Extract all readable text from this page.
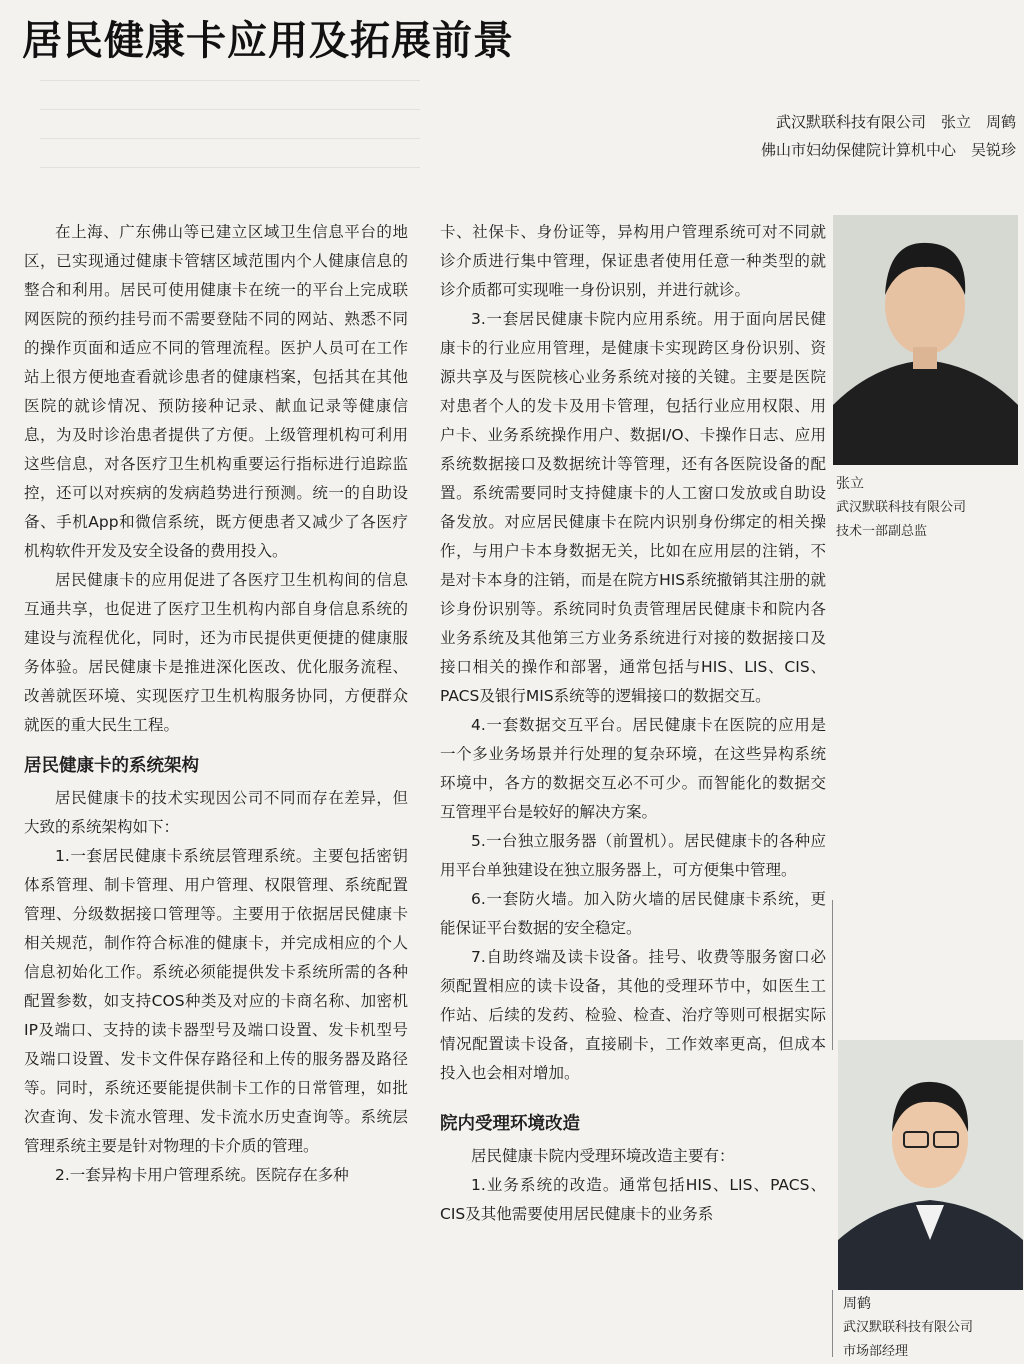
居民健康卡应用及拓展前景
武汉默联科技有限公司　张立　周鹤
佛山市妇幼保健院计算机中心　吴锐珍

在上海、广东佛山等已建立区域卫生信息平台的地区，已实现通过健康卡管辖区域范围内个人健康信息的整合和利用。居民可使用健康卡在统一的平台上完成联网医院的预约挂号而不需要登陆不同的网站、熟悉不同的操作页面和适应不同的管理流程。医护人员可在工作站上很方便地查看就诊患者的健康档案，包括其在其他医院的就诊情况、预防接种记录、献血记录等健康信息，为及时诊治患者提供了方便。上级管理机构可利用这些信息，对各医疗卫生机构重要运行指标进行追踪监控，还可以对疾病的发病趋势进行预测。统一的自助设备、手机App和微信系统，既方便患者又减少了各医疗机构软件开发及安全设备的费用投入。

居民健康卡的应用促进了各医疗卫生机构间的信息互通共享，也促进了医疗卫生机构内部自身信息系统的建设与流程优化，同时，还为市民提供更便捷的健康服务体验。居民健康卡是推进深化医改、优化服务流程、改善就医环境、实现医疗卫生机构服务协同，方便群众就医的重大民生工程。

居民健康卡的系统架构

居民健康卡的技术实现因公司不同而存在差异，但大致的系统架构如下：

1.一套居民健康卡系统层管理系统。主要包括密钥体系管理、制卡管理、用户管理、权限管理、系统配置管理、分级数据接口管理等。主要用于依据居民健康卡相关规范，制作符合标准的健康卡，并完成相应的个人信息初始化工作。系统必须能提供发卡系统所需的各种配置参数，如支持COS种类及对应的卡商名称、加密机IP及端口、支持的读卡器型号及端口设置、发卡机型号及端口设置、发卡文件保存路径和上传的服务器及路径等。同时，系统还要能提供制卡工作的日常管理，如批次查询、发卡流水管理、发卡流水历史查询等。系统层管理系统主要是针对物理的卡介质的管理。

2.一套异构卡用户管理系统。医院存在多种

卡、社保卡、身份证等，异构用户管理系统可对不同就诊介质进行集中管理，保证患者使用任意一种类型的就诊介质都可实现唯一身份识别，并进行就诊。

3.一套居民健康卡院内应用系统。用于面向居民健康卡的行业应用管理，是健康卡实现跨区身份识别、资源共享及与医院核心业务系统对接的关键。主要是医院对患者个人的发卡及用卡管理，包括行业应用权限、用户卡、业务系统操作用户、数据I/O、卡操作日志、应用系统数据接口及数据统计等管理，还有各医院设备的配置。系统需要同时支持健康卡的人工窗口发放或自助设备发放。对应居民健康卡在院内识别身份绑定的相关操作，与用户卡本身数据无关，比如在应用层的注销，不是对卡本身的注销，而是在院方HIS系统撤销其注册的就诊身份识别等。系统同时负责管理居民健康卡和院内各业务系统及其他第三方业务系统进行对接的数据接口及接口相关的操作和部署，通常包括与HIS、LIS、CIS、PACS及银行MIS系统等的逻辑接口的数据交互。

4.一套数据交互平台。居民健康卡在医院的应用是一个多业务场景并行处理的复杂环境，在这些异构系统环境中，各方的数据交互必不可少。而智能化的数据交互管理平台是较好的解决方案。

5.一台独立服务器（前置机）。居民健康卡的各种应用平台单独建设在独立服务器上，可方便集中管理。

6.一套防火墙。加入防火墙的居民健康卡系统，更能保证平台数据的安全稳定。

7.自助终端及读卡设备。挂号、收费等服务窗口必须配置相应的读卡设备，其他的受理环节中，如医生工作站、后续的发药、检验、检查、治疗等则可根据实际情况配置读卡设备，直接刷卡，工作效率更高，但成本投入也会相对增加。

院内受理环境改造

居民健康卡院内受理环境改造主要有：

1.业务系统的改造。通常包括HIS、LIS、PACS、CIS及其他需要使用居民健康卡的业务系

张立
武汉默联科技有限公司
技术一部副总监
周鹤
武汉默联科技有限公司
市场部经理
